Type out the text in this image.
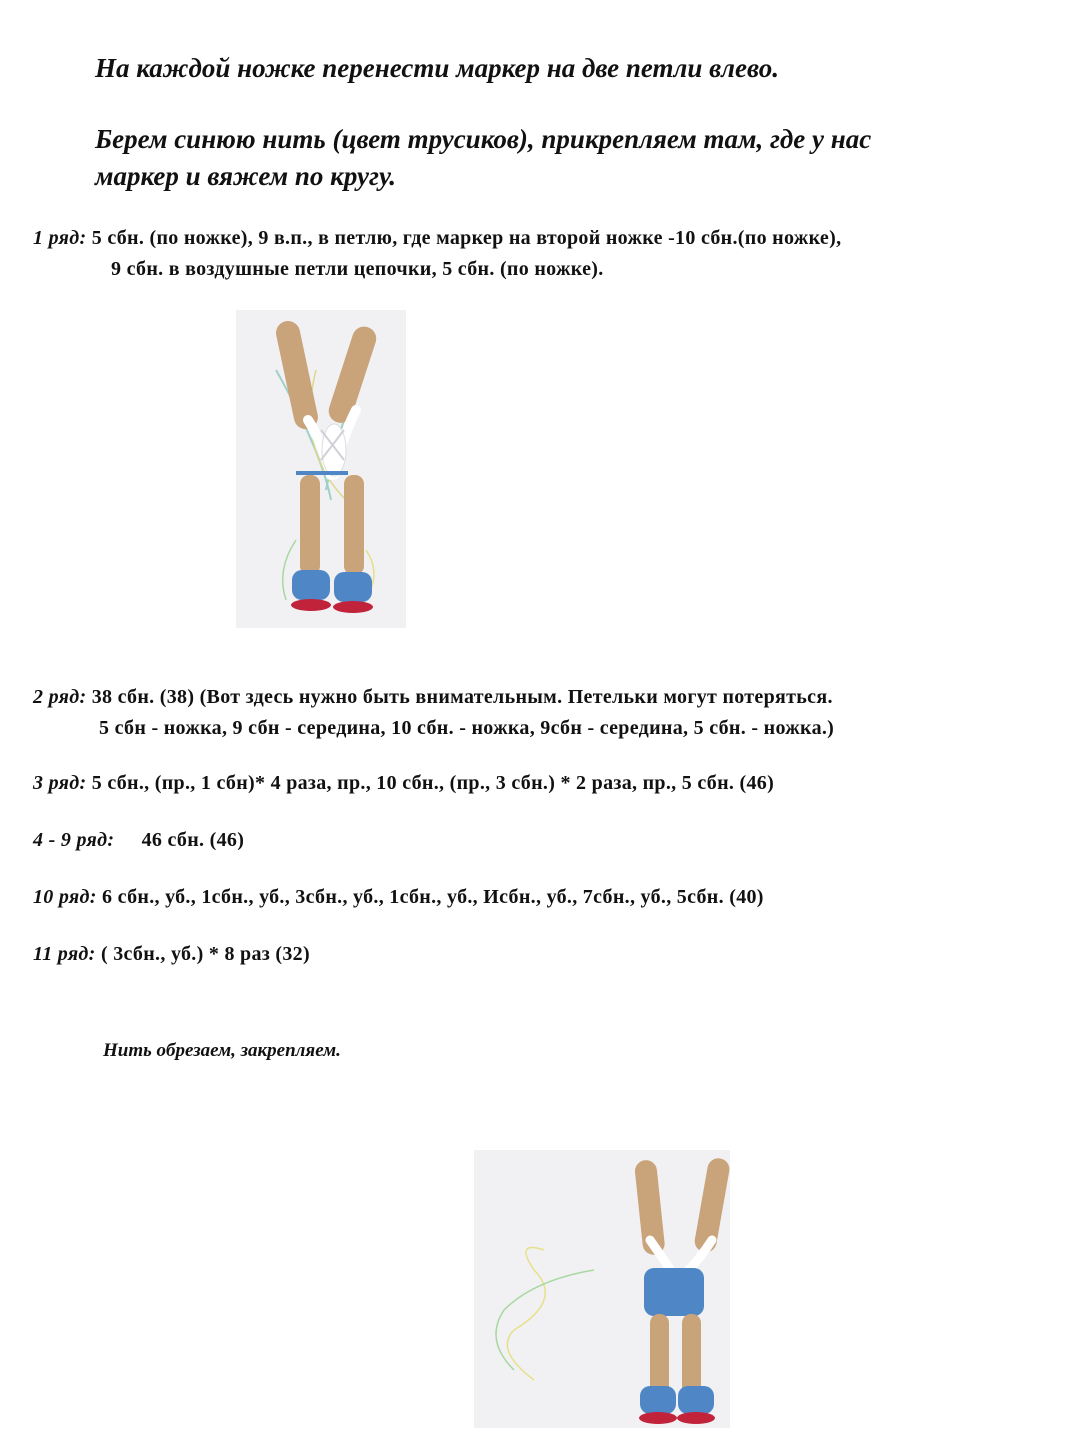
На каждой ножке перенести маркер на две петли влево.
Берем синюю нить (цвет трусиков), прикрепляем там, где у нас
маркер и вяжем по кругу.
1 ряд: 5 сбн. (по ножке), 9 в.п., в петлю, где маркер на второй ножке -10 сбн.(по ножке),
9 сбн. в воздушные петли цепочки, 5 сбн. (по ножке).
2 ряд: 38 сбн. (38) (Вот здесь нужно быть внимательным. Петельки могут потеряться.
5 сбн - ножка, 9 сбн - середина, 10 сбн. - ножка, 9сбн - середина, 5 сбн. - ножка.)
3 ряд: 5 сбн., (пр., 1 сбн)* 4 раза, пр., 10 сбн., (пр., 3 сбн.) * 2 раза, пр., 5 сбн. (46)
4 - 9 ряд: 46 сбн. (46)
10 ряд: 6 сбн., уб., 1сбн., уб., 3сбн., уб., 1сбн., уб., Исбн., уб., 7сбн., уб., 5сбн. (40)
11 ряд: ( 3сбн., уб.) * 8 раз (32)
Нить обрезаем, закрепляем.
